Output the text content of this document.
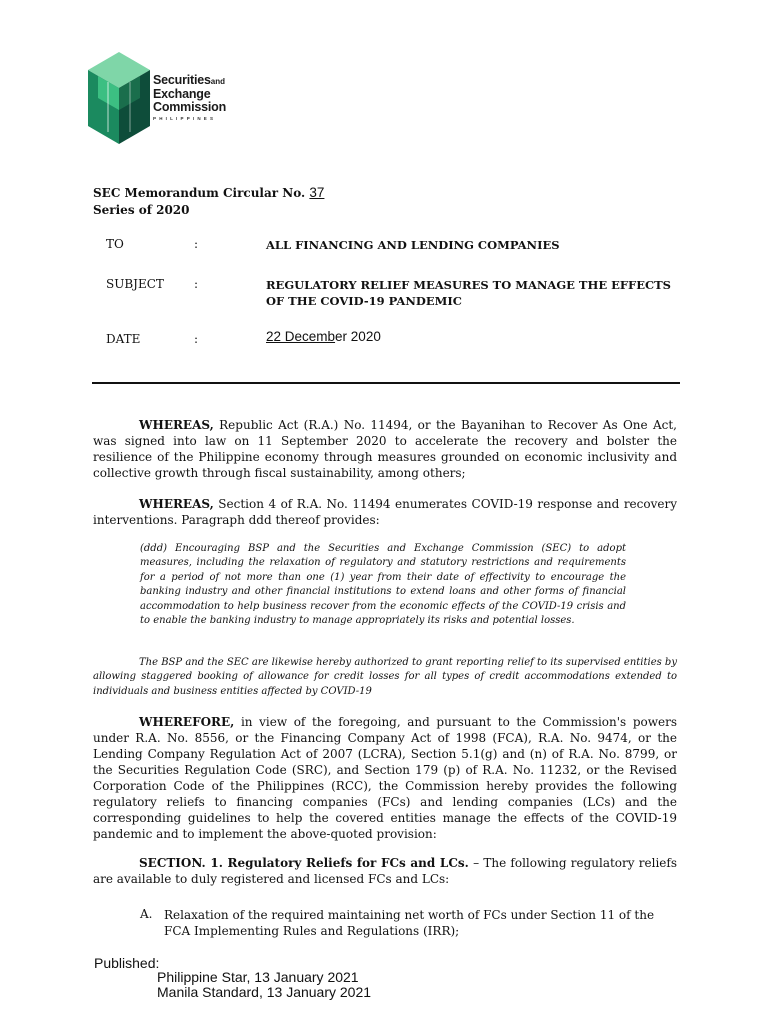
Securitiesand
Exchange
Commission
PHILIPPINES
SEC Memorandum Circular No. 37
Series of 2020
TO	:	ALL FINANCING AND LENDING COMPANIES
SUBJECT	:	REGULATORY RELIEF MEASURES TO MANAGE THE EFFECTS OF THE COVID-19 PANDEMIC
DATE	:	22 December 2020
WHEREAS, Republic Act (R.A.) No. 11494, or the Bayanihan to Recover As One Act, was signed into law on 11 September 2020 to accelerate the recovery and bolster the resilience of the Philippine economy through measures grounded on economic inclusivity and collective growth through fiscal sustainability, among others;
WHEREAS, Section 4 of R.A. No. 11494 enumerates COVID-19 response and recovery interventions. Paragraph ddd thereof provides:
(ddd) Encouraging BSP and the Securities and Exchange Commission (SEC) to adopt measures, including the relaxation of regulatory and statutory restrictions and requirements for a period of not more than one (1) year from their date of effectivity to encourage the banking industry and other financial institutions to extend loans and other forms of financial accommodation to help business recover from the economic effects of the COVID-19 crisis and to enable the banking industry to manage appropriately its risks and potential losses.
The BSP and the SEC are likewise hereby authorized to grant reporting relief to its supervised entities by allowing staggered booking of allowance for credit losses for all types of credit accommodations extended to individuals and business entities affected by COVID-19
WHEREFORE, in view of the foregoing, and pursuant to the Commission's powers under R.A. No. 8556, or the Financing Company Act of 1998 (FCA), R.A. No. 9474, or the Lending Company Regulation Act of 2007 (LCRA), Section 5.1(g) and (n) of R.A. No. 8799, or the Securities Regulation Code (SRC), and Section 179 (p) of R.A. No. 11232, or the Revised Corporation Code of the Philippines (RCC), the Commission hereby provides the following regulatory reliefs to financing companies (FCs) and lending companies (LCs) and the corresponding guidelines to help the covered entities manage the effects of the COVID-19 pandemic and to implement the above-quoted provision:
SECTION. 1. Regulatory Reliefs for FCs and LCs. – The following regulatory reliefs are available to duly registered and licensed FCs and LCs:
A. Relaxation of the required maintaining net worth of FCs under Section 11 of the FCA Implementing Rules and Regulations (IRR);
Published:
Philippine Star, 13 January 2021
Manila Standard, 13 January 2021
